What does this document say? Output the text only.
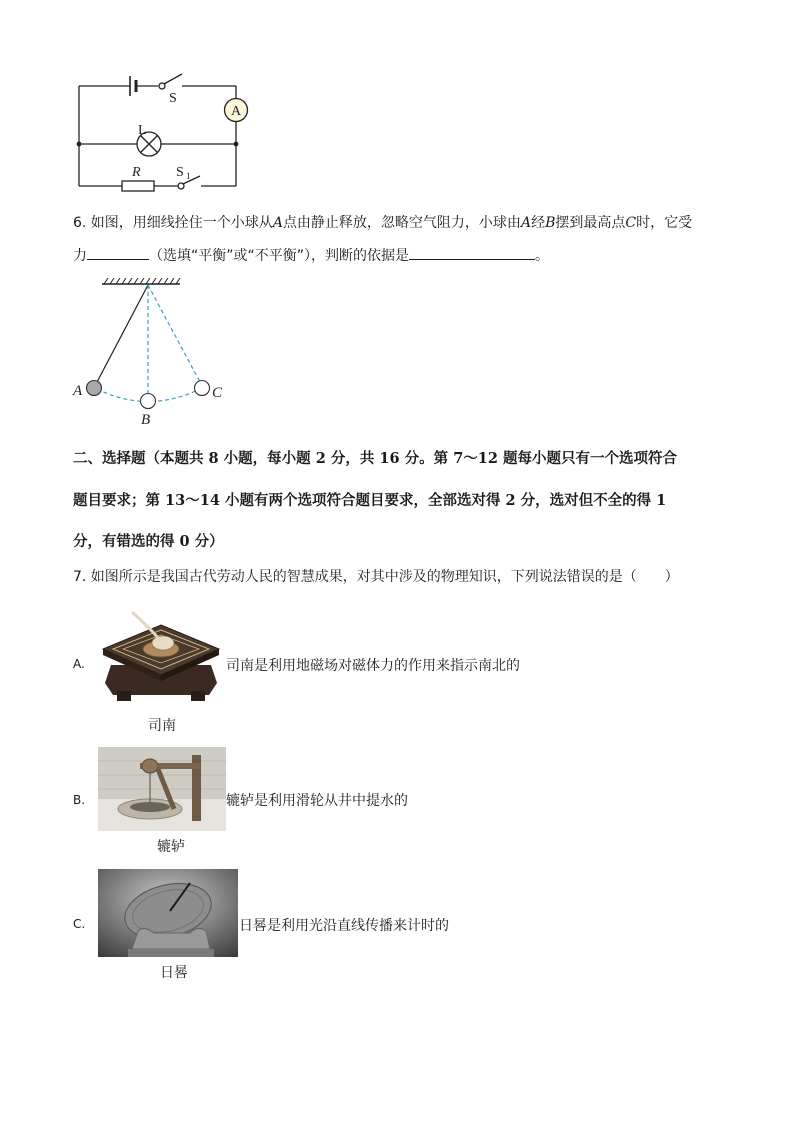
A
S
L
R	S 1
6. 如图，用细线拴住一个小球从A点由静止释放，忽略空气阻力，小球由A经B摆到最高点C时，它受
力	（选填“平衡”或“不平衡”），判断的依据是	。
A
B
C
二、选择题（本题共 8 小题，每小题 2 分，共 16 分。第 7～12 题每小题只有一个选项符合
题目要求；第 13～14 小题有两个选项符合题目要求，全部选对得 2 分，选对但不全的得 1
分，有错选的得 0 分）
7. 如图所示是我国古代劳动人民的智慧成果，对其中涉及的物理知识，下列说法错误的是（　　）
A.	司南是利用地磁场对磁体力的作用来指示南北的
司南
B.	辘轳是利用滑轮从井中提水的
辘轳
C.	日晷是利用光沿直线传播来计时的
日晷
